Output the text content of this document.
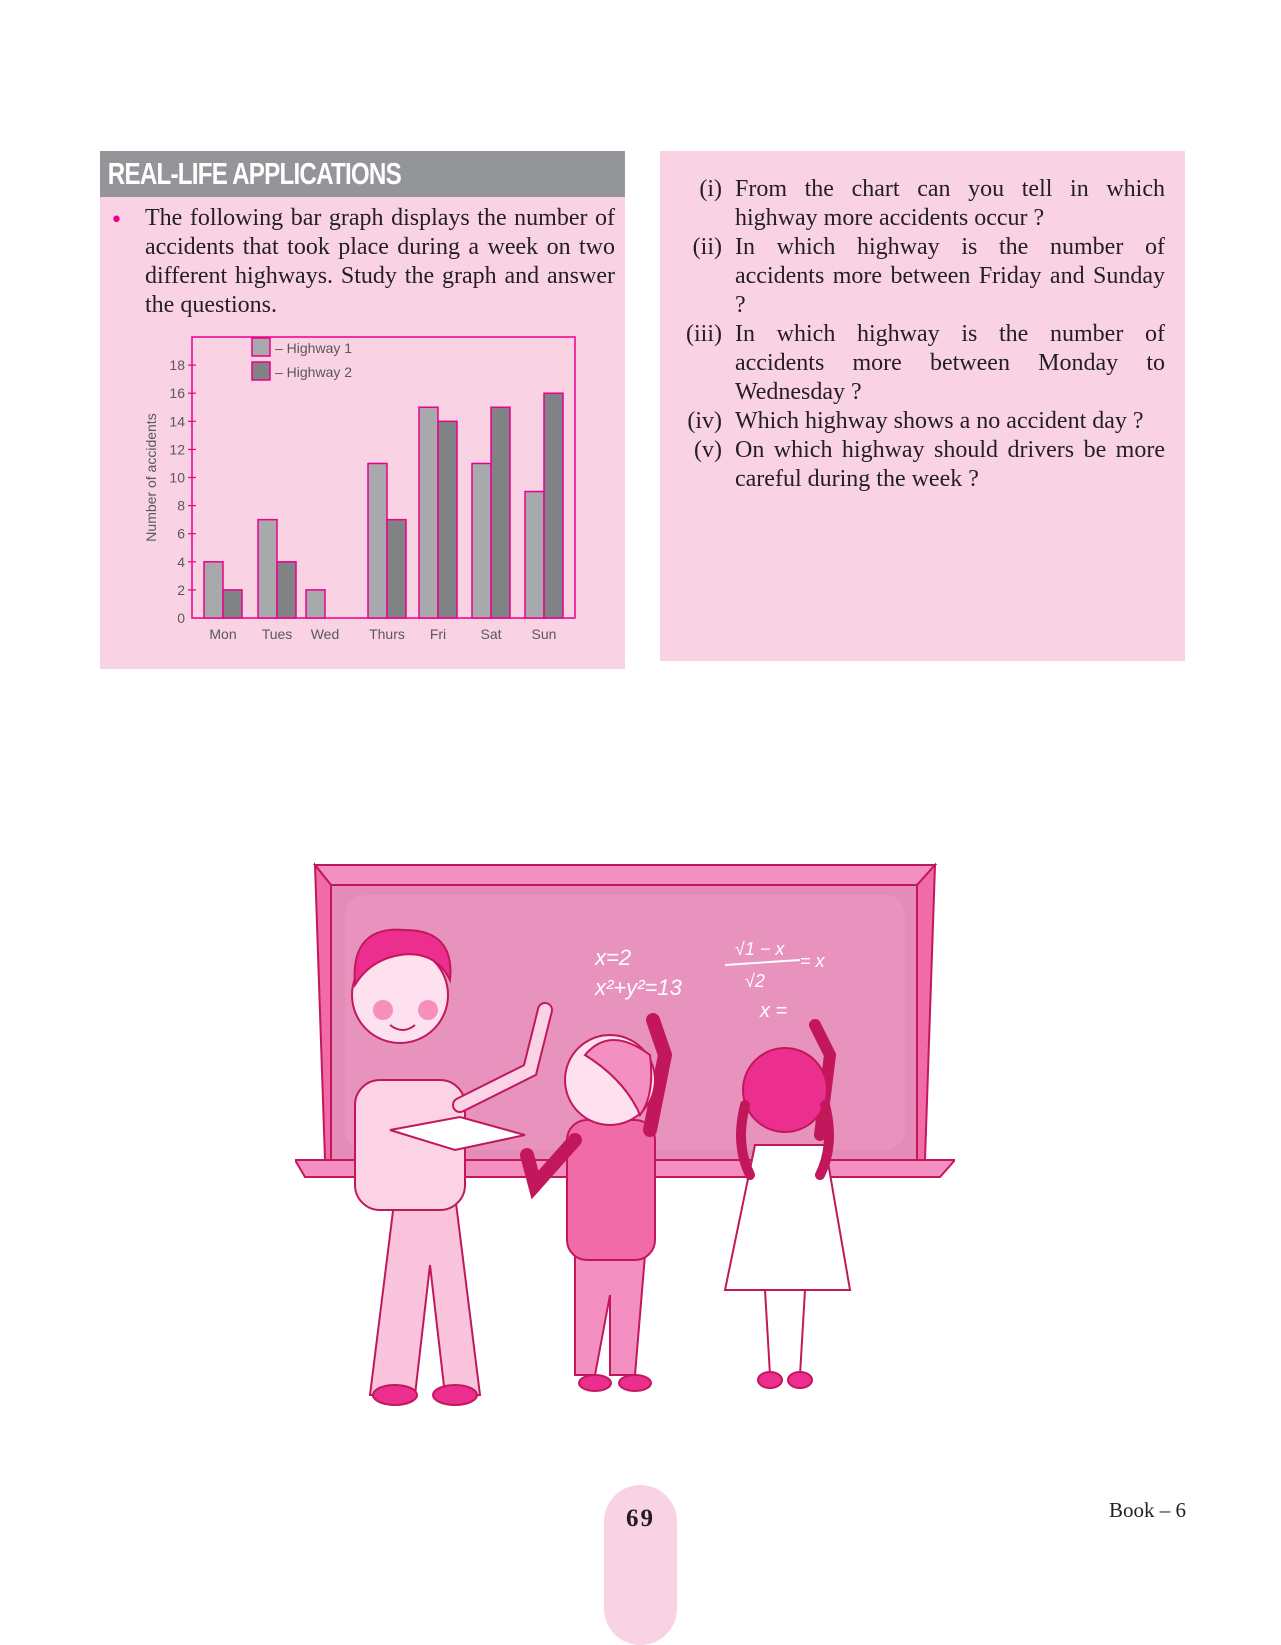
REAL-LIFE APPLICATIONS
• The following bar graph displays the number of accidents that took place during a week on two different highways. Study the graph and answer the questions.
0
2
4
6
8
10
12
14
16
18
Number of accidents
Mon Tues Wed Thurs Fri Sat Sun
– Highway 1
– Highway 2

(i) From the chart can you tell in which highway more accidents occur ?

(ii) In which highway is the number of accidents more between Friday and Sunday ?

(iii) In which highway is the number of accidents more between Monday to Wednesday ?

(iv) Which highway shows a no accident day ?

(v) On which highway should drivers be more careful during the week ?

x=2
x²+y²=13
√1 − x
√2
= x
x =
69	Book – 6
